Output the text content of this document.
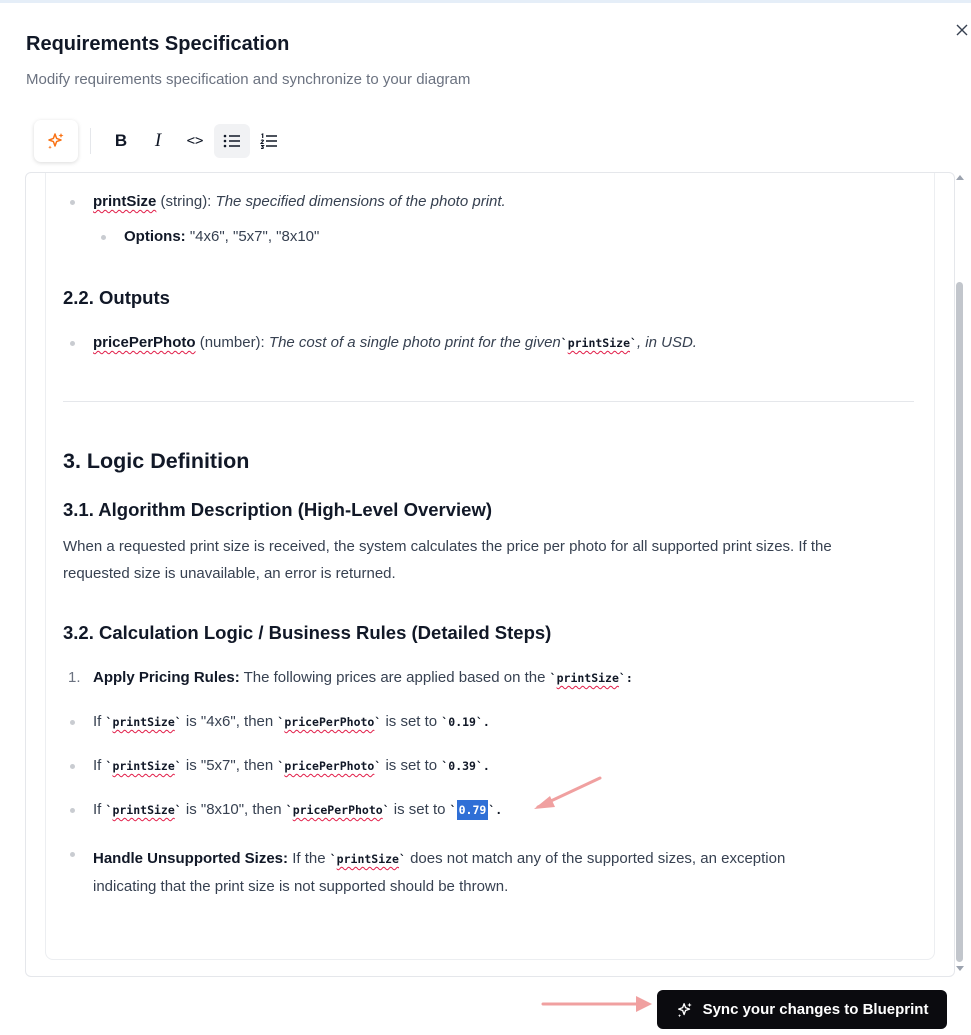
Requirements Specification
Modify requirements specification and synchronize to your diagram
B	I	<>
printSize (string): The specified dimensions of the photo print.
Options: "4x6", "5x7", "8x10"
2.2. Outputs
pricePerPhoto (number): The cost of a single photo print for the given`printSize`, in USD.
3. Logic Definition
3.1. Algorithm Description (High-Level Overview)
When a requested print size is received, the system calculates the price per photo for all supported print sizes. If the
requested size is unavailable, an error is returned.
3.2. Calculation Logic / Business Rules (Detailed Steps)
1. Apply Pricing Rules: The following prices are applied based on the `printSize`:
If `printSize` is "4x6", then `pricePerPhoto` is set to `0.19`.
If `printSize` is "5x7", then `pricePerPhoto` is set to `0.39`.
If `printSize` is "8x10", then `pricePerPhoto` is set to ` 0.79 `.
Handle Unsupported Sizes: If the `printSize` does not match any of the supported sizes, an exception
indicating that the print size is not supported should be thrown.
Sync your changes to Blueprint
